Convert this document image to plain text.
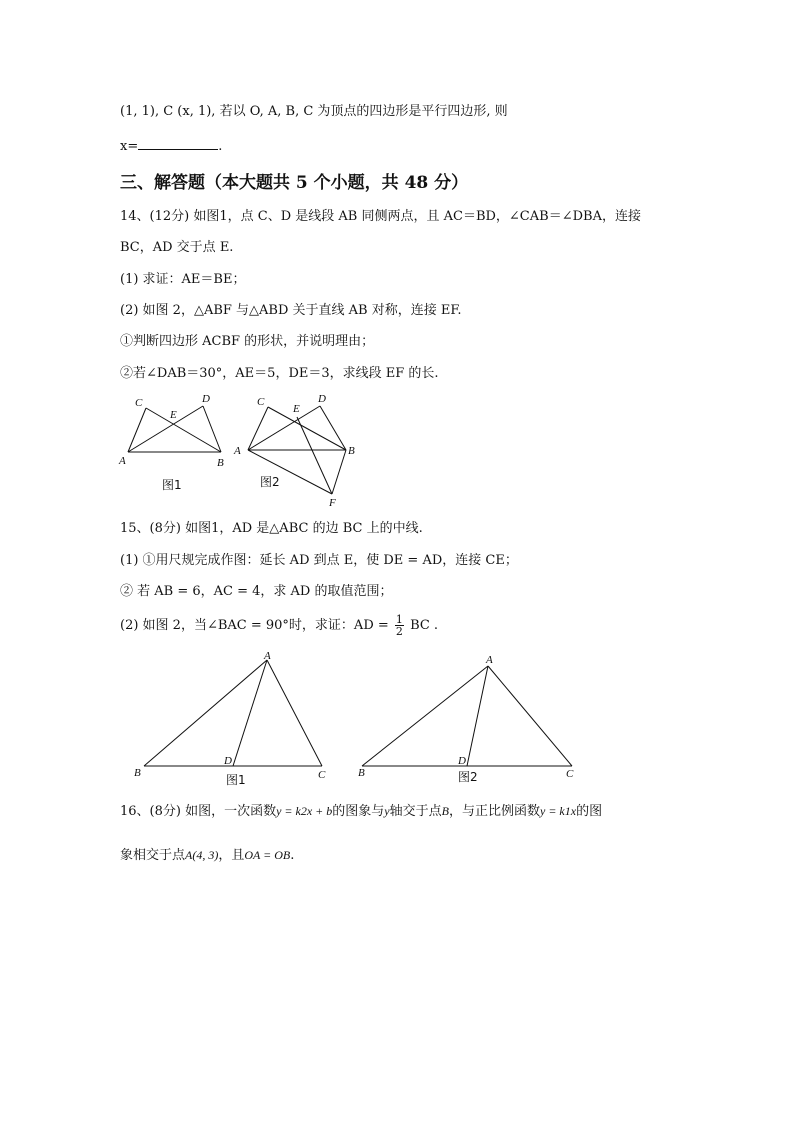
(1, 1), C (x, 1), 若以 O, A, B, C 为顶点的四边形是平行四边形, 则
x=	.
三、解答题（本大题共 5 个小题，共 48 分）
14、(12分) 如图1，点 C、D 是线段 AB 同侧两点，且 AC＝BD，∠CAB＝∠DBA，连接
BC，AD 交于点 E.
(1) 求证：AE＝BE；
(2) 如图 2，△ABF 与△ABD 关于直线 AB 对称，连接 EF.
①判断四边形 ACBF 的形状，并说明理由；
②若∠DAB＝30°，AE＝5，DE＝3，求线段 EF 的长.
A	B
C	D
E
图1
A	B
C	D
E
F
图2
15、(8分) 如图1，AD 是△ABC 的边 BC 上的中线.
(1) ①用尺规完成作图：延长 AD 到点 E，使 DE = AD，连接 CE；
② 若 AB = 6，AC = 4，求 AD 的取值范围；
(2) 如图 2，当∠BAC = 90°时，求证：AD = $\frac{1}{2}$ BC .
A
B	C
D
图1
A
B	C
D
图2
16、(8分) 如图，一次函数y = k2x + b的图象与y轴交于点B，与正比例函数y = k1x的图
象相交于点A(4, 3)，且OA = OB.
